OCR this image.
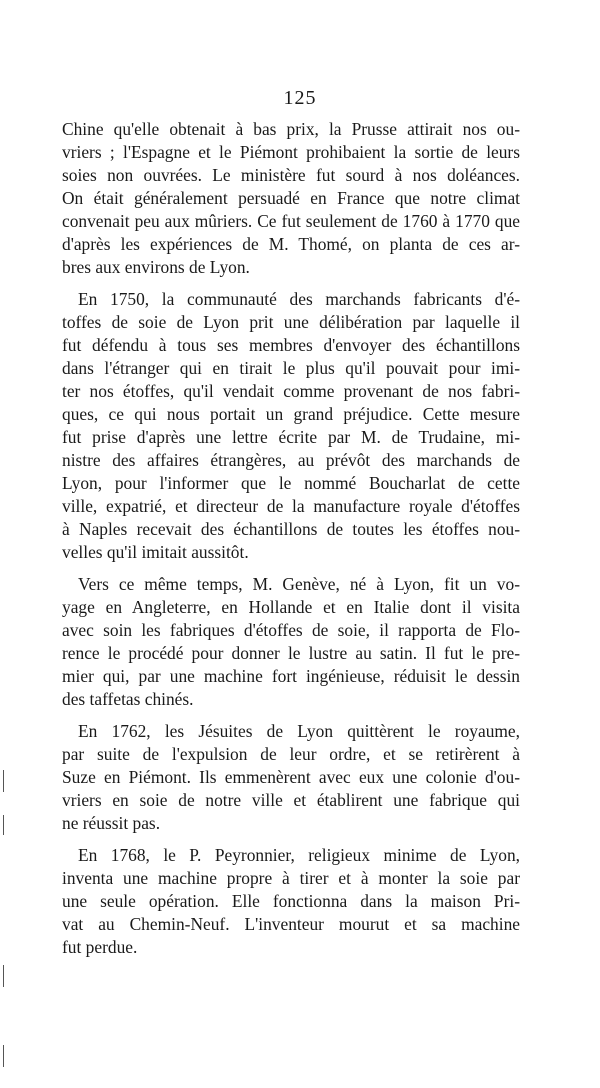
125
Chine qu'elle obtenait à bas prix, la Prusse attirait nos ou-
vriers ; l'Espagne et le Piémont prohibaient la sortie de leurs
soies non ouvrées. Le ministère fut sourd à nos doléances.
On était généralement persuadé en France que notre climat
convenait peu aux mûriers. Ce fut seulement de 1760 à 1770 que
d'après les expériences de M. Thomé, on planta de ces ar-
bres aux environs de Lyon.
En 1750, la communauté des marchands fabricants d'é-
toffes de soie de Lyon prit une délibération par laquelle il
fut défendu à tous ses membres d'envoyer des échantillons
dans l'étranger qui en tirait le plus qu'il pouvait pour imi-
ter nos étoffes, qu'il vendait comme provenant de nos fabri-
ques, ce qui nous portait un grand préjudice. Cette mesure
fut prise d'après une lettre écrite par M. de Trudaine, mi-
nistre des affaires étrangères, au prévôt des marchands de
Lyon, pour l'informer que le nommé Boucharlat de cette
ville, expatrié, et directeur de la manufacture royale d'étoffes
à Naples recevait des échantillons de toutes les étoffes nou-
velles qu'il imitait aussitôt.
Vers ce même temps, M. Genève, né à Lyon, fit un vo-
yage en Angleterre, en Hollande et en Italie dont il visita
avec soin les fabriques d'étoffes de soie, il rapporta de Flo-
rence le procédé pour donner le lustre au satin. Il fut le pre-
mier qui, par une machine fort ingénieuse, réduisit le dessin
des taffetas chinés.
En 1762, les Jésuites de Lyon quittèrent le royaume,
par suite de l'expulsion de leur ordre, et se retirèrent à
Suze en Piémont. Ils emmenèrent avec eux une colonie d'ou-
vriers en soie de notre ville et établirent une fabrique qui
ne réussit pas.
En 1768, le P. Peyronnier, religieux minime de Lyon,
inventa une machine propre à tirer et à monter la soie par
une seule opération. Elle fonctionna dans la maison Pri-
vat au Chemin-Neuf. L'inventeur mourut et sa machine
fut perdue.
